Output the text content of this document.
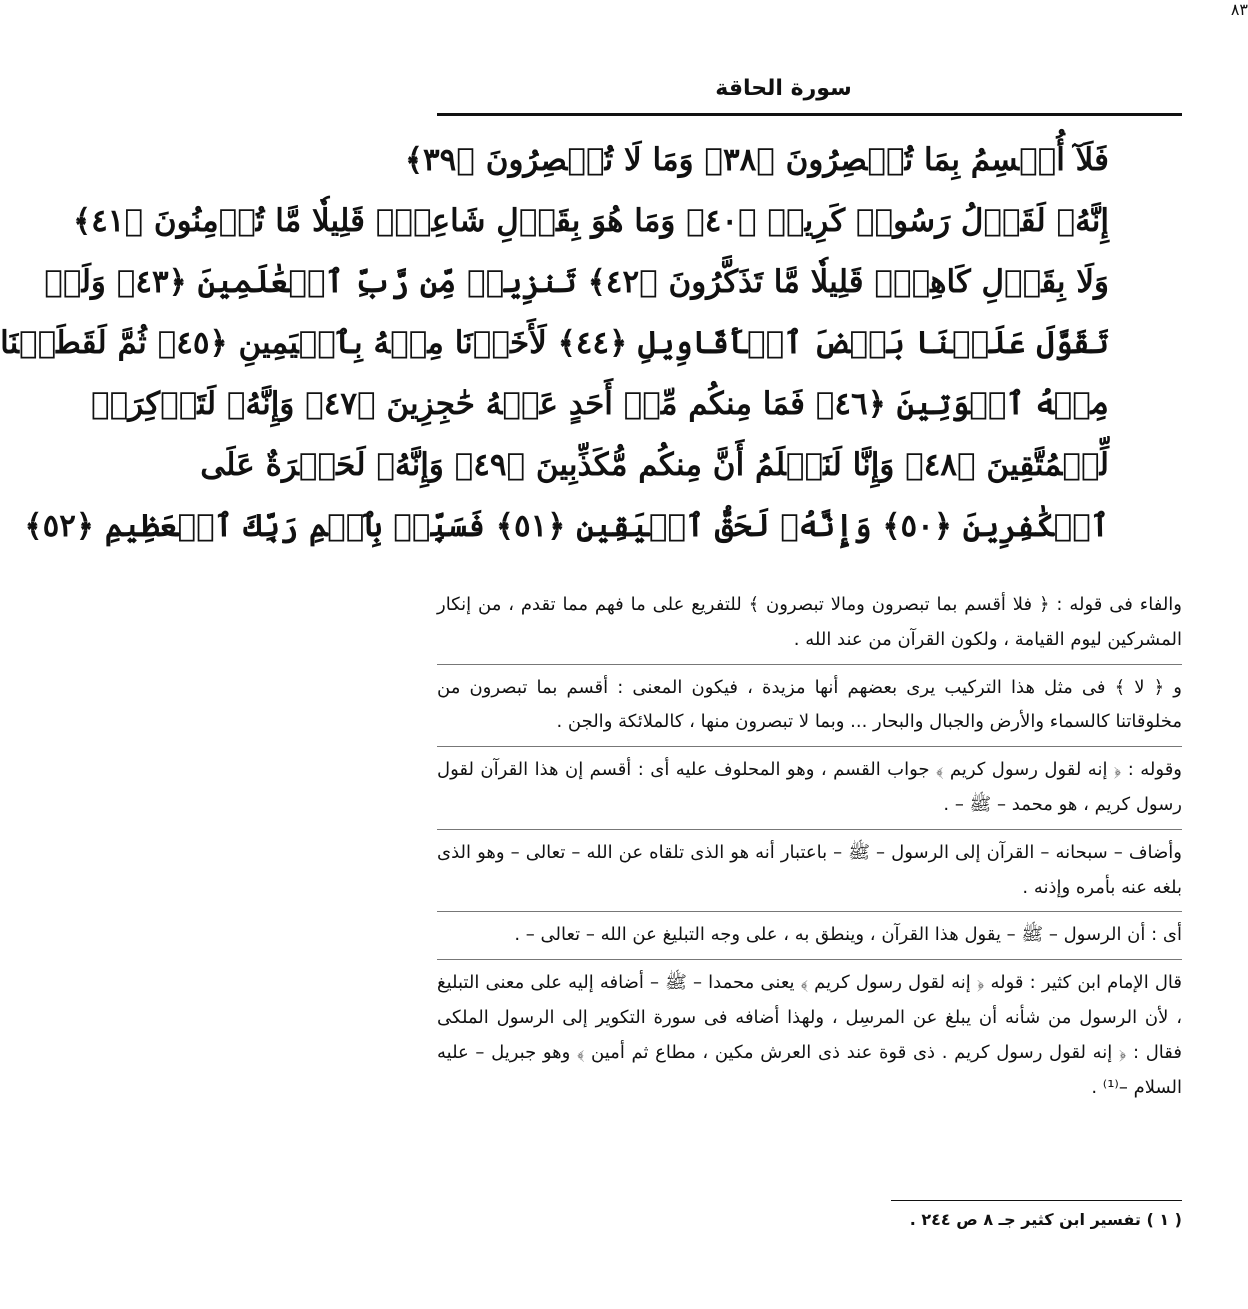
٨٣
سورة الحاقة
فَلَآ أُقۡسِمُ بِمَا تُبۡصِرُونَ ﴿٣٨﴾ وَمَا لَا تُبۡصِرُونَ ﴿٣٩﴾
إِنَّهُۥ لَقَوۡلُ رَسُولٖ كَرِيمٖ ﴿٤٠﴾ وَمَا هُوَ بِقَوۡلِ شَاعِرٖۚ قَلِيلٗا مَّا تُؤۡمِنُونَ ﴿٤١﴾
وَلَا بِقَوۡلِ كَاهِنٖۚ قَلِيلٗا مَّا تَذَكَّرُونَ ﴿٤٢﴾ تَنزِيلٞ مِّن رَّبِّ ٱلۡعَٰلَمِينَ ﴿٤٣﴾ وَلَوۡ
تَقَوَّلَ عَلَيۡنَا بَعۡضَ ٱلۡأَقَاوِيلِ ﴿٤٤﴾ لَأَخَذۡنَا مِنۡهُ بِٱلۡيَمِينِ ﴿٤٥﴾ ثُمَّ لَقَطَعۡنَا
مِنۡهُ ٱلۡوَتِينَ ﴿٤٦﴾ فَمَا مِنكُم مِّنۡ أَحَدٍ عَنۡهُ حَٰجِزِينَ ﴿٤٧﴾ وَإِنَّهُۥ لَتَذۡكِرَةٞ
لِّلۡمُتَّقِينَ ﴿٤٨﴾ وَإِنَّا لَنَعۡلَمُ أَنَّ مِنكُم مُّكَذِّبِينَ ﴿٤٩﴾ وَإِنَّهُۥ لَحَسۡرَةٌ عَلَى
ٱلۡكَٰفِرِينَ ﴿٥٠﴾ وَإِنَّهُۥ لَحَقُّ ٱلۡيَقِينِ ﴿٥١﴾ فَسَبِّحۡ بِٱسۡمِ رَبِّكَ ٱلۡعَظِيمِ ﴿٥٢﴾

والفاء فى قوله : ﴿ فلا أقسم بما تبصرون ومالا تبصرون ﴾ للتفريع على ما فهم مما تقدم ، من إنكار المشركين ليوم القيامة ، ولكون القرآن من عند الله .

و ﴿ لا ﴾ فى مثل هذا التركيب يرى بعضهم أنها مزيدة ، فيكون المعنى : أقسم بما تبصرون من مخلوقاتنا كالسماء والأرض والجبال والبحار ... وبما لا تبصرون منها ، كالملائكة والجن .

وقوله : ﴿ إنه لقول رسول كريم ﴾ جواب القسم ، وهو المحلوف عليه أى : أقسم إن هذا القرآن لقول رسول كريم ، هو محمد – ﷺ – .

وأضاف – سبحانه – القرآن إلى الرسول – ﷺ – باعتبار أنه هو الذى تلقاه عن الله – تعالى – وهو الذى بلغه عنه بأمره وإذنه .

أى : أن الرسول – ﷺ – يقول هذا القرآن ، وينطق به ، على وجه التبليغ عن الله – تعالى – .

قال الإمام ابن كثير : قوله ﴿ إنه لقول رسول كريم ﴾ يعنى محمدا – ﷺ – أضافه إليه على معنى التبليغ ، لأن الرسول من شأنه أن يبلغ عن المرسِل ، ولهذا أضافه فى سورة التكوير إلى الرسول الملكى فقال : ﴿ إنه لقول رسول كريم . ذى قوة عند ذى العرش مكين ، مطاع ثم أمين ﴾ وهو جبريل – عليه السلام –⁽¹⁾ .

( ١ ) تفسير ابن كثير جـ ٨ ص ٢٤٤ .
